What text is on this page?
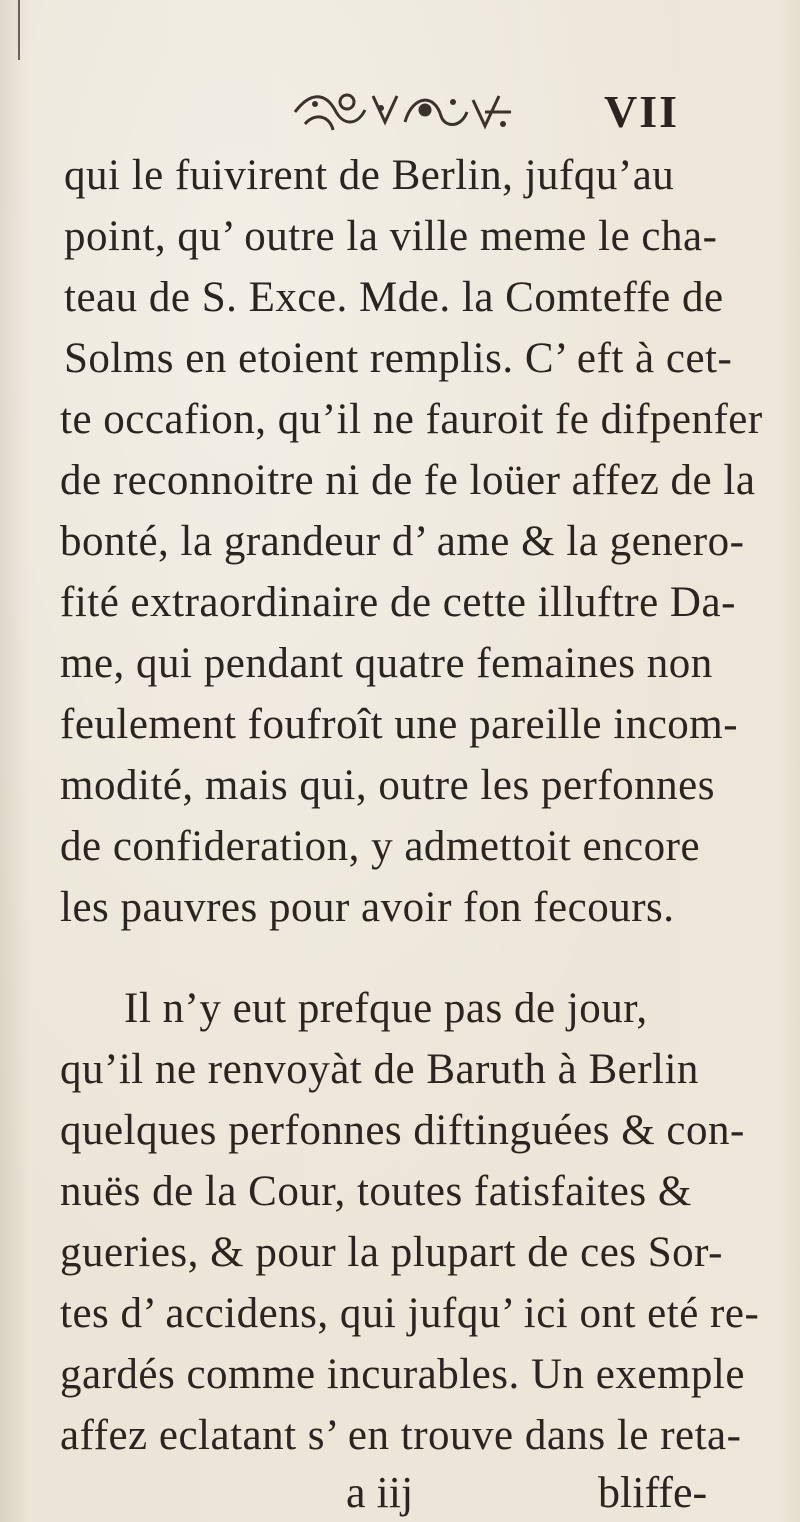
VII
qui le fuivirent de Berlin, jufqu’au
point, qu’ outre la ville meme le cha-
teau de S. Exce. Mde. la Comteffe de
Solms en etoient remplis. C’ eft à cet-
te occafion, qu’il ne fauroit fe difpenfer
de reconnoitre ni de fe loüer affez de la
bonté, la grandeur d’ ame & la genero-
fité extraordinaire de cette illuftre Da-
me, qui pendant quatre femaines non
feulement foufroît une pareille incom-
modité, mais qui, outre les perfonnes
de confideration, y admettoit encore
les pauvres pour avoir fon fecours.
Il n’y eut prefque pas de jour,
qu’il ne renvoyàt de Baruth à Berlin
quelques perfonnes diftinguées & con-
nuës de la Cour, toutes fatisfaites &
gueries, & pour la plupart de ces Sor-
tes d’ accidens, qui jufqu’ ici ont eté re-
gardés comme incurables. Un exemple
affez eclatant s’ en trouve dans le reta-
a iij	bliffe-
